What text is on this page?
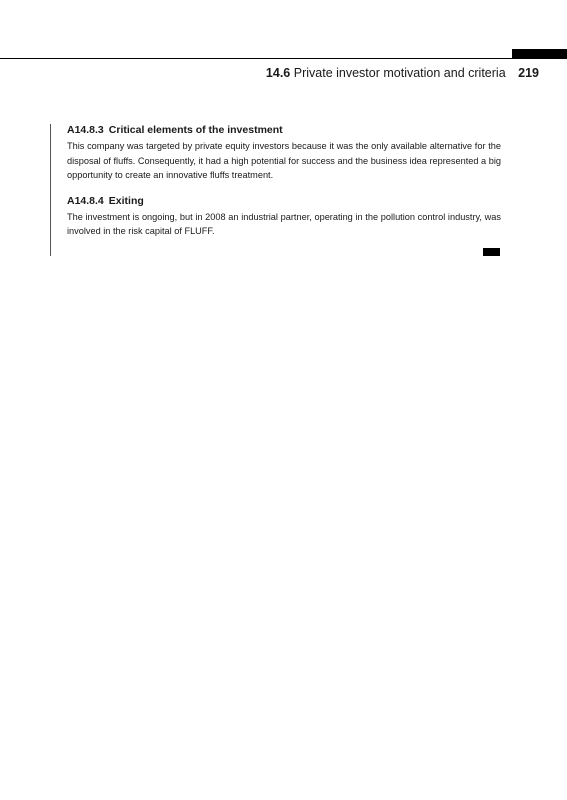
14.6 Private investor motivation and criteria 219
A14.8.3 Critical elements of the investment

This company was targeted by private equity investors because it was the only available alternative for the disposal of fluffs. Consequently, it had a high potential for success and the business idea represented a big opportunity to create an innovative fluffs treatment.

A14.8.4 Exiting

The investment is ongoing, but in 2008 an industrial partner, operating in the pollution control industry, was involved in the risk capital of FLUFF.
